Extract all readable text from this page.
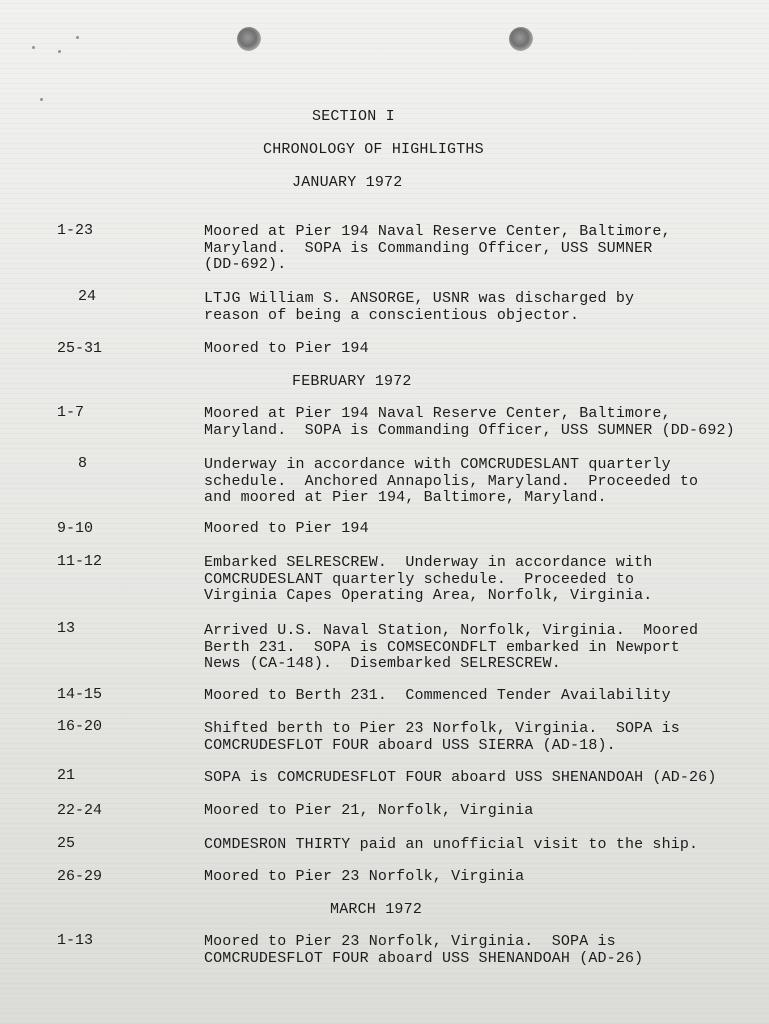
SECTION I
CHRONOLOGY OF HIGHLIGTHS
JANUARY 1972
1-23	Moored at Pier 194 Naval Reserve Center, Baltimore,
Maryland.  SOPA is Commanding Officer, USS SUMNER
(DD-692).
24	LTJG William S. ANSORGE, USNR was discharged by
reason of being a conscientious objector.
25-31	Moored to Pier 194
FEBRUARY 1972
1-7	Moored at Pier 194 Naval Reserve Center, Baltimore,
Maryland.  SOPA is Commanding Officer, USS SUMNER (DD-692)
8	Underway in accordance with COMCRUDESLANT quarterly
schedule.  Anchored Annapolis, Maryland.  Proceeded to
and moored at Pier 194, Baltimore, Maryland.
9-10	Moored to Pier 194
11-12	Embarked SELRESCREW.  Underway in accordance with
COMCRUDESLANT quarterly schedule.  Proceeded to
Virginia Capes Operating Area, Norfolk, Virginia.
13	Arrived U.S. Naval Station, Norfolk, Virginia.  Moored
Berth 231.  SOPA is COMSECONDFLT embarked in Newport
News (CA-148).  Disembarked SELRESCREW.
14-15	Moored to Berth 231.  Commenced Tender Availability
16-20	Shifted berth to Pier 23 Norfolk, Virginia.  SOPA is
COMCRUDESFLOT FOUR aboard USS SIERRA (AD-18).
21	SOPA is COMCRUDESFLOT FOUR aboard USS SHENANDOAH (AD-26)
22-24	Moored to Pier 21, Norfolk, Virginia
25	COMDESRON THIRTY paid an unofficial visit to the ship.
26-29	Moored to Pier 23 Norfolk, Virginia
MARCH 1972
1-13	Moored to Pier 23 Norfolk, Virginia.  SOPA is
COMCRUDESFLOT FOUR aboard USS SHENANDOAH (AD-26)
